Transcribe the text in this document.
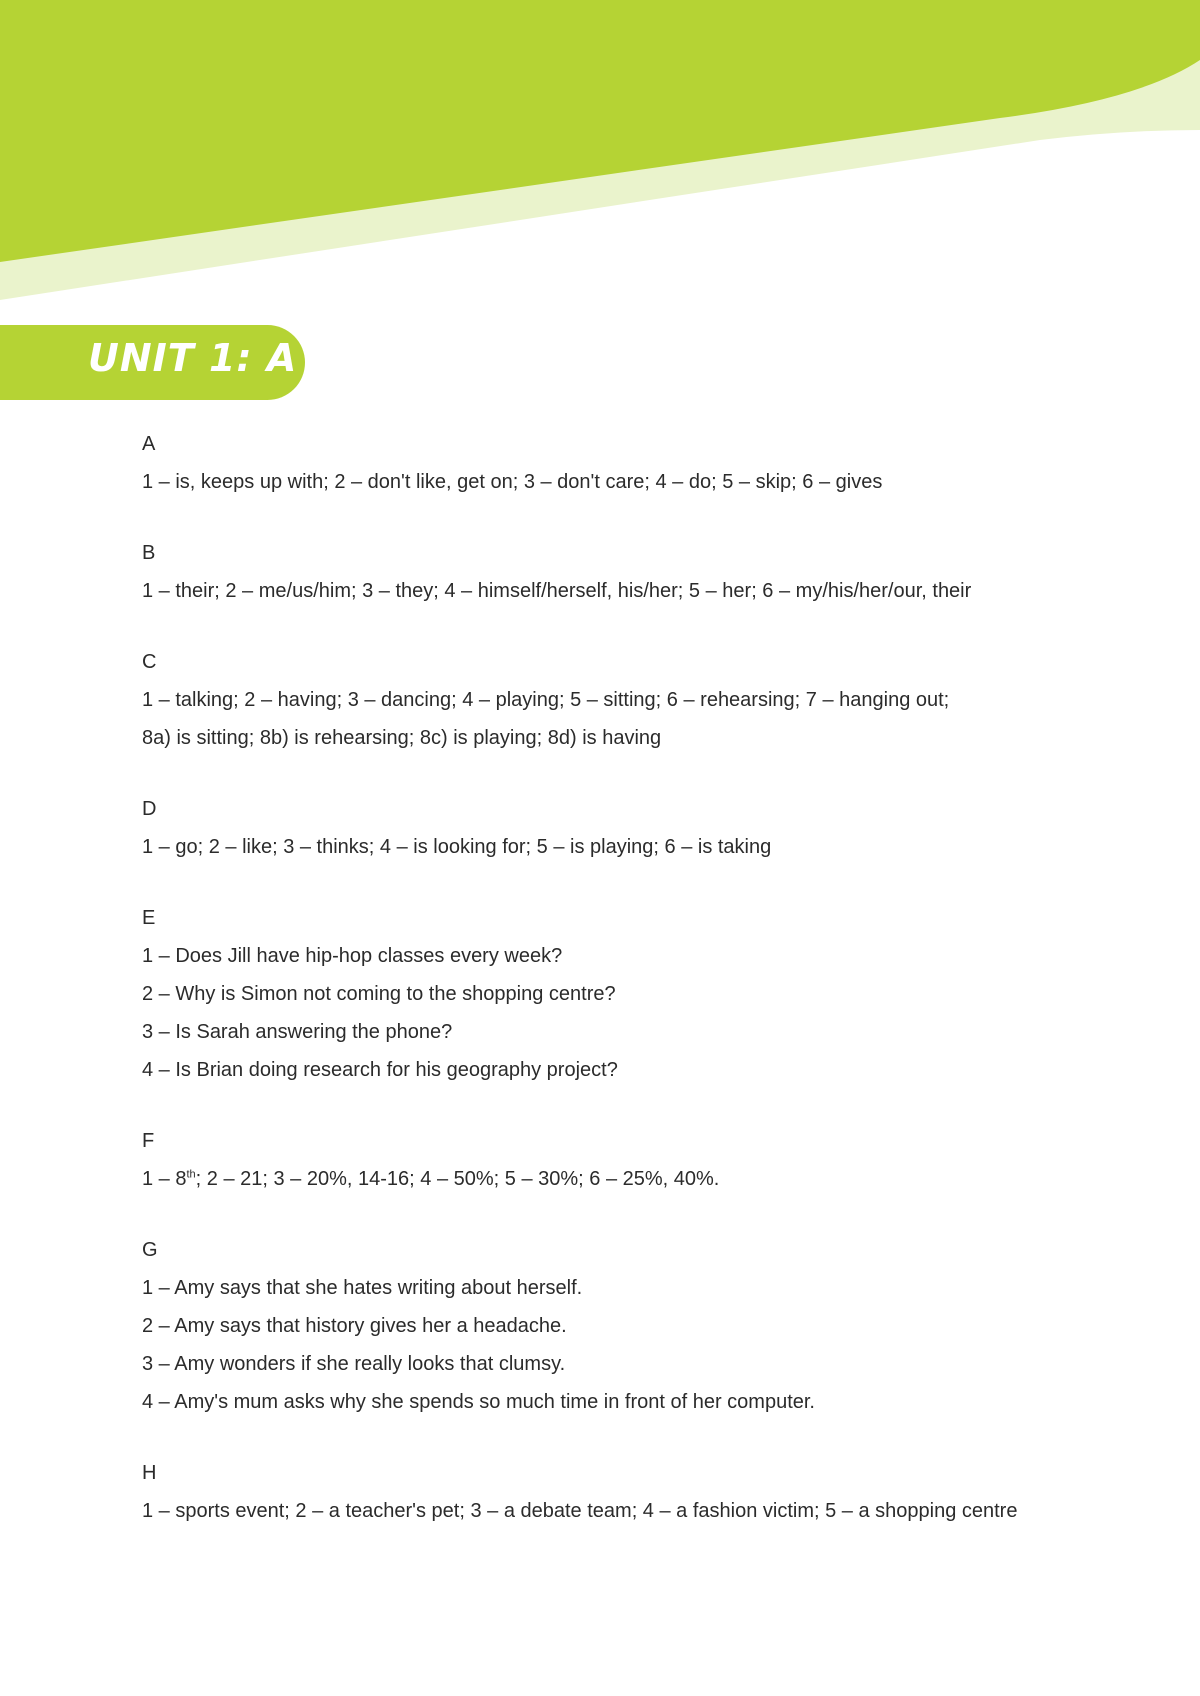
UNIT 1: A
A
1 – is, keeps up with; 2 – don't like, get on; 3 – don't care; 4 – do; 5 – skip; 6 – gives
B
1 – their; 2 – me/us/him; 3 – they; 4 – himself/herself, his/her; 5 – her; 6 – my/his/her/our, their
C
1 – talking; 2 – having; 3 – dancing; 4 – playing; 5 – sitting; 6 – rehearsing; 7 – hanging out;
8a) is sitting; 8b) is rehearsing; 8c) is playing; 8d) is having
D
1 – go; 2 – like; 3 – thinks; 4 – is looking for; 5 – is playing; 6 – is taking
E
1 – Does Jill have hip-hop classes every week?
2 – Why is Simon not coming to the shopping centre?
3 – Is Sarah answering the phone?
4 – Is Brian doing research for his geography project?
F
1 – 8th; 2 – 21; 3 – 20%, 14-16; 4 – 50%; 5 – 30%; 6 – 25%, 40%.
G
1 – Amy says that she hates writing about herself.
2 – Amy says that history gives her a headache.
3 – Amy wonders if she really looks that clumsy.
4 – Amy's mum asks why she spends so much time in front of her computer.
H
1 – sports event; 2 – a teacher's pet; 3 – a debate team; 4 – a fashion victim; 5 – a shopping centre
